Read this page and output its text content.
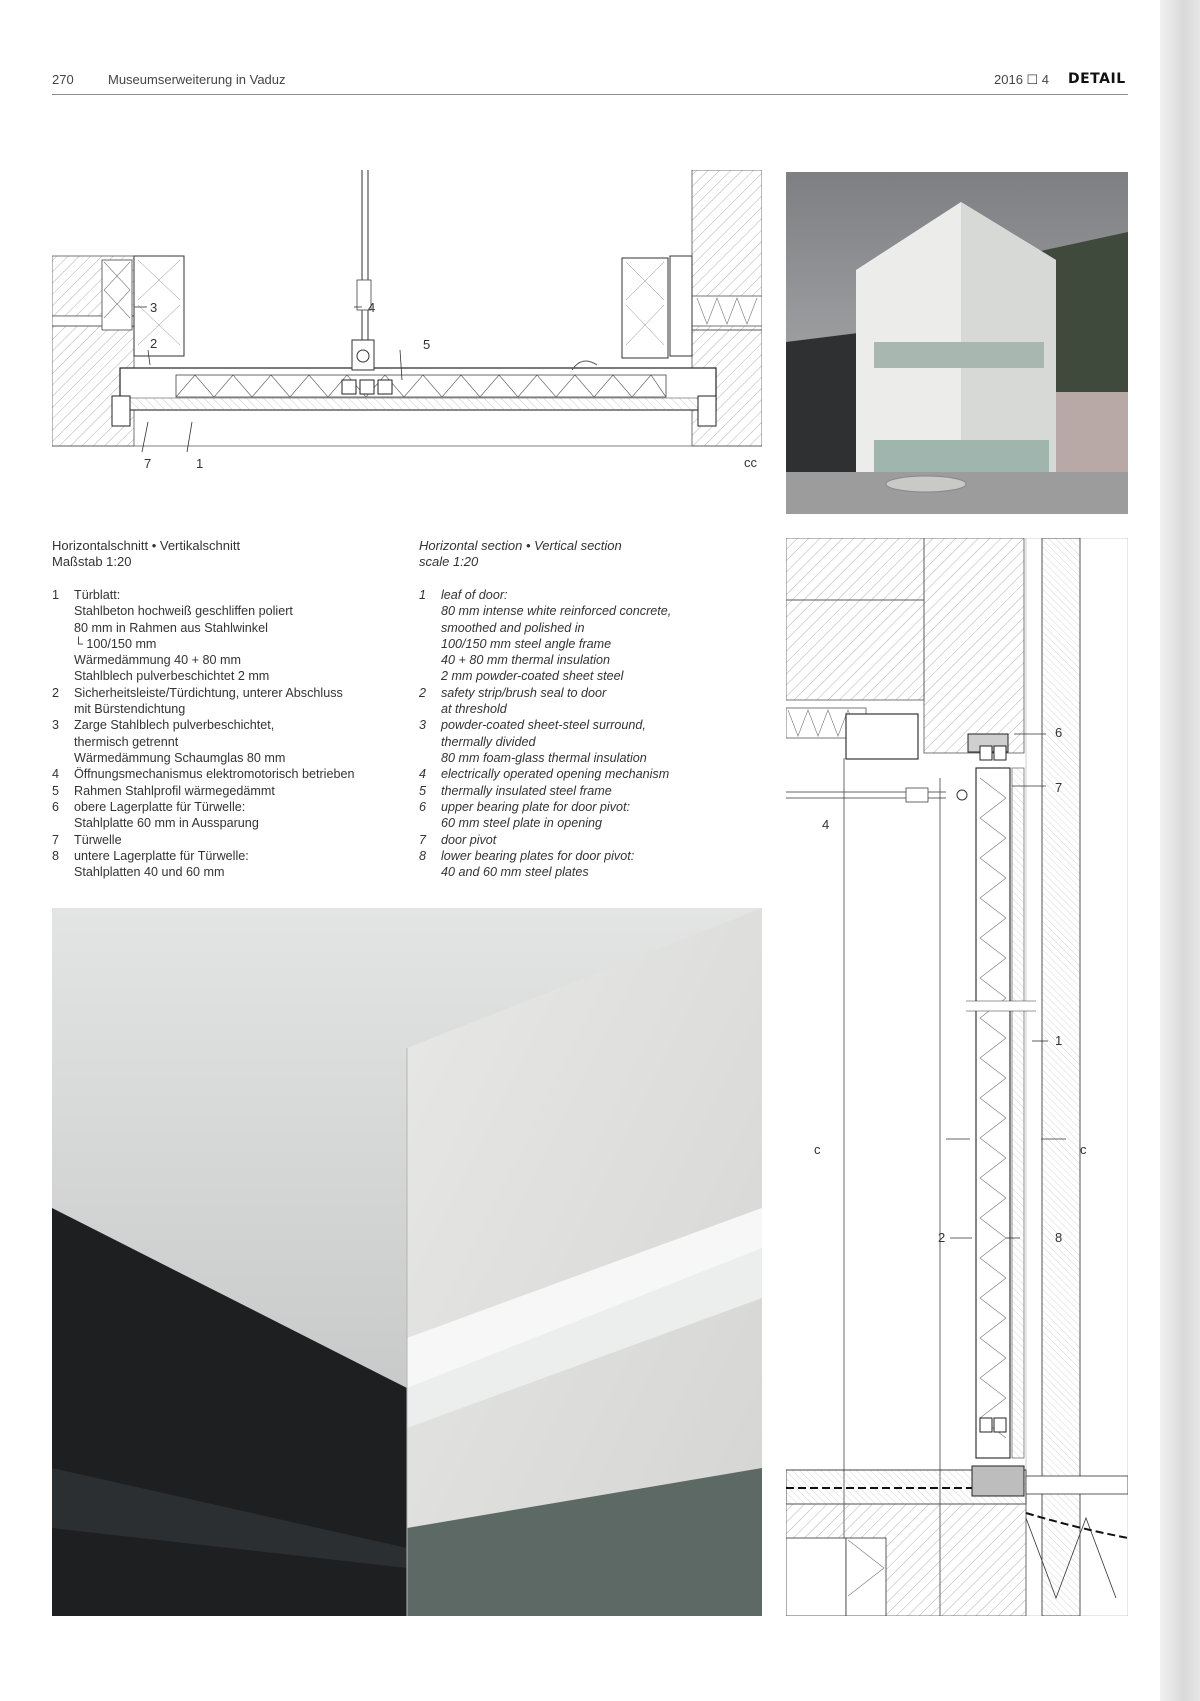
270	Museumserweiterung in Vaduz	2016 ☐ 4 DETAIL
3	4
2	5
7	1	cc
Horizontalschnitt • Vertikalschnitt
Maßstab 1:20
Horizontal section • Vertical section
scale 1:20
1	Türblatt:
Stahlbeton hochweiß geschliffen poliert
80 mm in Rahmen aus Stahlwinkel
└ 100/150 mm
Wärmedämmung 40 + 80 mm
Stahlblech pulverbeschichtet 2 mm
2	Sicherheitsleiste/Türdichtung, unterer Abschluss
mit Bürstendichtung
3	Zarge Stahlblech pulverbeschichtet,
thermisch getrennt
Wärmedämmung Schaumglas 80 mm
4	Öffnungsmechanismus elektromotorisch betrieben
5	Rahmen Stahlprofil wärmegedämmt
6	obere Lagerplatte für Türwelle:
Stahlplatte 60 mm in Aussparung
7	Türwelle
8	untere Lagerplatte für Türwelle:
Stahlplatten 40 und 60 mm
1	leaf of door:
80 mm intense white reinforced concrete,
smoothed and polished in
100/150 mm steel angle frame
40 + 80 mm thermal insulation
2 mm powder-coated sheet steel
2	safety strip/brush seal to door
at threshold
3	powder-coated sheet-steel surround,
thermally divided
80 mm foam-glass thermal insulation
4	electrically operated opening mechanism
5	thermally insulated steel frame
6	upper bearing plate for door pivot:
60 mm steel plate in opening
7	door pivot
8	lower bearing plates for door pivot:
40 and 60 mm steel plates
6
7
4
1
c	c
2	8
